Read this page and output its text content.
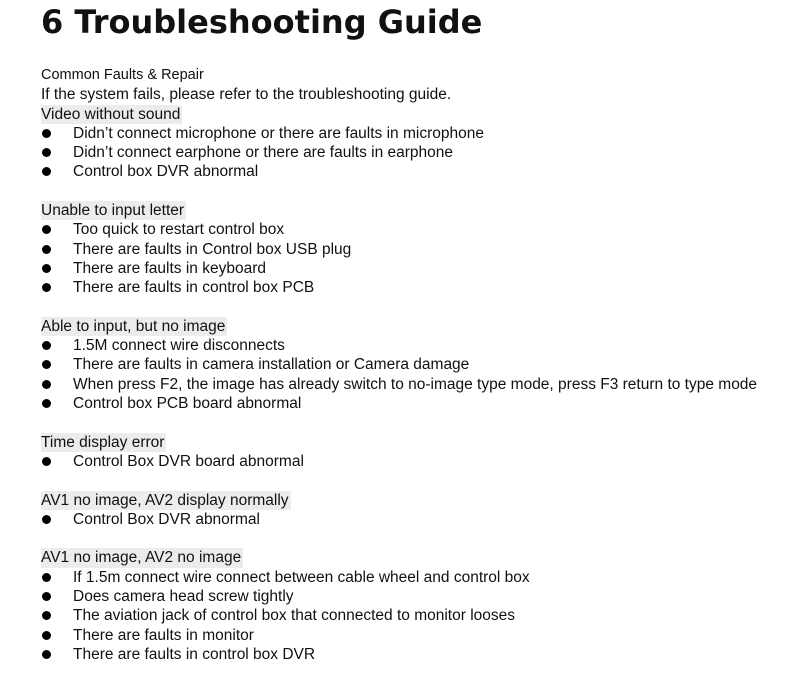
6 Troubleshooting Guide
Common Faults & Repair
If the system fails, please refer to the troubleshooting guide.
Video without sound
Didn’t connect microphone or there are faults in microphone
Didn’t connect earphone or there are faults in earphone
Control box DVR abnormal
Unable to input letter
Too quick to restart control box
There are faults in Control box USB plug
There are faults in keyboard
There are faults in control box PCB
Able to input, but no image
1.5M connect wire disconnects
There are faults in camera installation or Camera damage
When press F2, the image has already switch to no-image type mode, press F3 return to type mode
Control box PCB board abnormal
Time display error
Control Box DVR board abnormal
AV1 no image, AV2 display normally
Control Box DVR abnormal
AV1 no image, AV2 no image
If 1.5m connect wire connect between cable wheel and control box
Does camera head screw tightly
The aviation jack of control box that connected to monitor looses
There are faults in monitor
There are faults in control box DVR
